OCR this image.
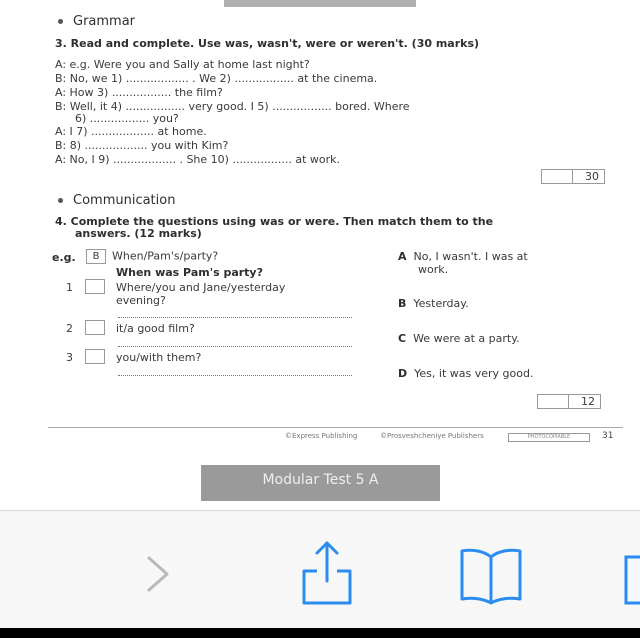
Grammar
3. Read and complete. Use was, wasn't, were or weren't. (30 marks)
A: e.g. Were you and Sally at home last night?
B: No, we 1) .................. . We 2) ................. at the cinema.
A: How 3) ................. the film?
B: Well, it 4) ................. very good. I 5) ................. bored. Where
6) ................. you?
A: I 7) .................. at home.
B: 8) .................. you with Kim?
A: No, I 9) .................. . She 10) ................. at work.
30
Communication
4. Complete the questions using was or were. Then match them to the
answers. (12 marks)
e.g.	B When/Pam's/party?
When was Pam's party?
1	Where/you and Jane/yesterday
evening?
2	it/a good film?
3	you/with them?
A No, I wasn't. I was at
work.
B Yesterday.
C We were at a party.
D Yes, it was very good.
12
©Express Publishing	©Prosveshcheniye Publishers	PHOTOCOPIABLE	31
Modular Test 5 A
